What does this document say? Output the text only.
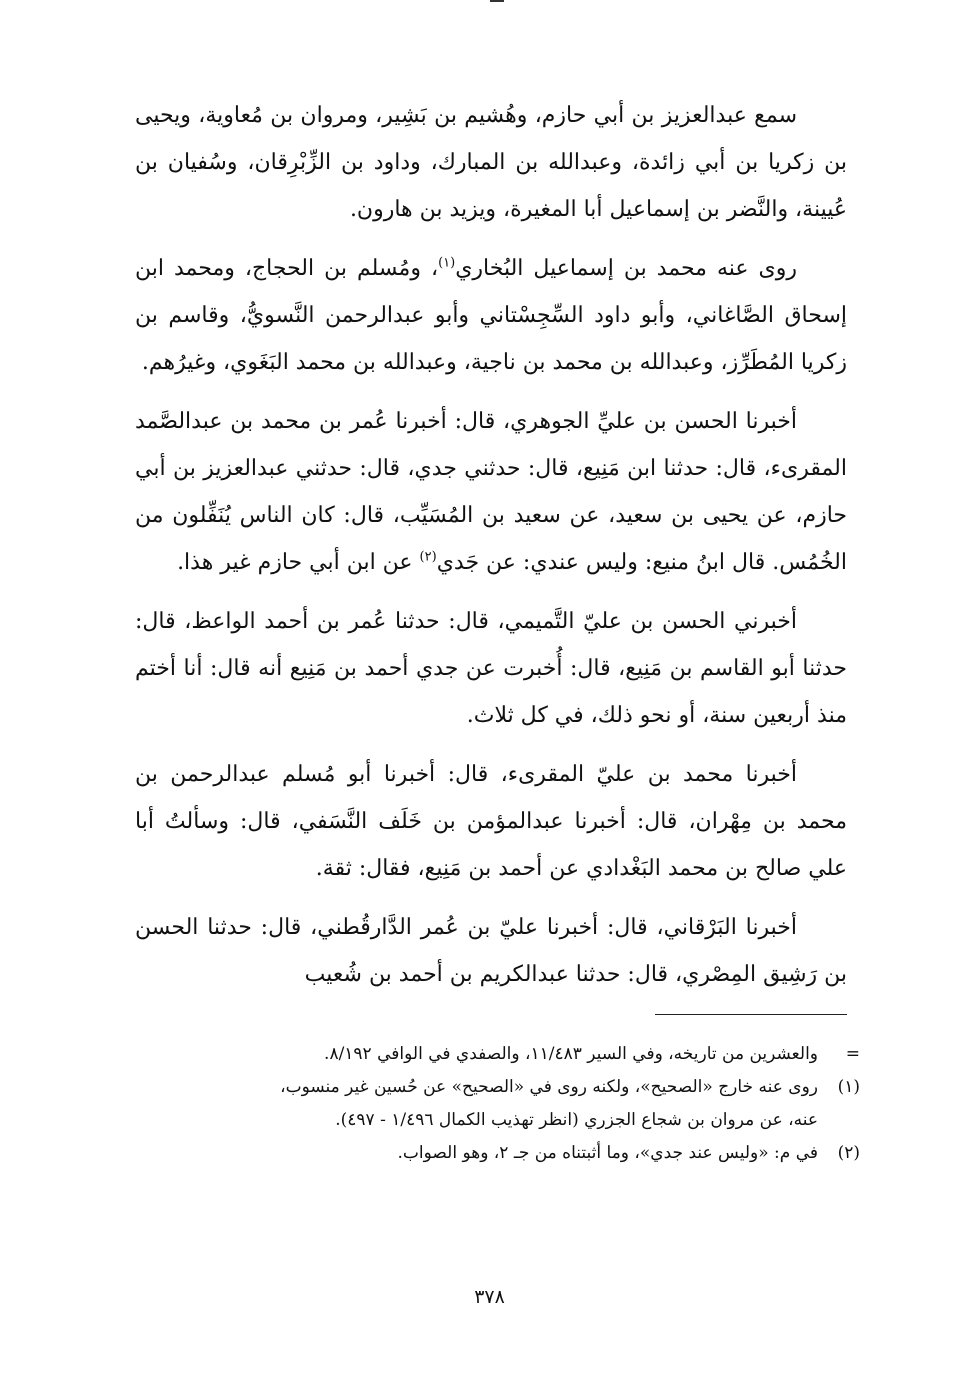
سمع عبدالعزيز بن أبي حازم، وهُشيم بن بَشِير، ومروان بن مُعاوية، ويحيى بن زكريا بن أبي زائدة، وعبدالله بن المبارك، وداود بن الزِّبْرِقان، وسُفيان بن عُيينة، والنَّضر بن إسماعيل أبا المغيرة، ويزيد بن هارون.

روى عنه محمد بن إسماعيل البُخاري$^{(١)}$، ومُسلم بن الحجاج، ومحمد ابن إسحاق الصَّاغاني، وأبو داود السِّجِسْتاني وأبو عبدالرحمن النَّسويُّ، وقاسم بن زكريا المُطَرِّز، وعبدالله بن محمد بن ناجية، وعبدالله بن محمد البَغَوي، وغيرُهم.

أخبرنا الحسن بن عليِّ الجوهري، قال: أخبرنا عُمر بن محمد بن عبدالصَّمد المقرىء، قال: حدثنا ابن مَنِيع، قال: حدثني جدي، قال: حدثني عبدالعزيز بن أبي حازم، عن يحيى بن سعيد، عن سعيد بن المُسَيِّب، قال: كان الناس يُنَفِّلون من الخُمُس. قال ابنُ منيع: وليس عندي: عن جَدي$^{(٢)}$ عن ابن أبي حازم غير هذا.

أخبرني الحسن بن عليّ التَّميمي، قال: حدثنا عُمر بن أحمد الواعظ، قال: حدثنا أبو القاسم بن مَنِيع، قال: أُخبرت عن جدي أحمد بن مَنِيع أنه قال: أنا أختم منذ أربعين سنة، أو نحو ذلك، في كل ثلاث.

أخبرنا محمد بن عليّ المقرىء، قال: أخبرنا أبو مُسلم عبدالرحمن بن محمد بن مِهْران، قال: أخبرنا عبدالمؤمن بن خَلَف النَّسَفي، قال: وسألتُ أبا علي صالح بن محمد البَغْدادي عن أحمد بن مَنِيع، فقال: ثقة.

أخبرنا البَرْقاني، قال: أخبرنا عليّ بن عُمر الدَّارقُطني، قال: حدثنا الحسن بن رَشِيق المِصْري، قال: حدثنا عبدالكريم بن أحمد بن شُعيب

=والعشرين من تاريخه، وفي السير ١١/٤٨٣، والصفدي في الوافي ٨/١٩٢.

(١)روى عنه خارج «الصحيح»، ولكنه روى في «الصحيح» عن حُسين غير منسوب،

عنه، عن مروان بن شجاع الجزري (انظر تهذيب الكمال ١/٤٩٦ - ٤٩٧).

(٢)في م: «وليس عند جدي»، وما أثبتناه من جـ ٢، وهو الصواب.

٣٧٨
